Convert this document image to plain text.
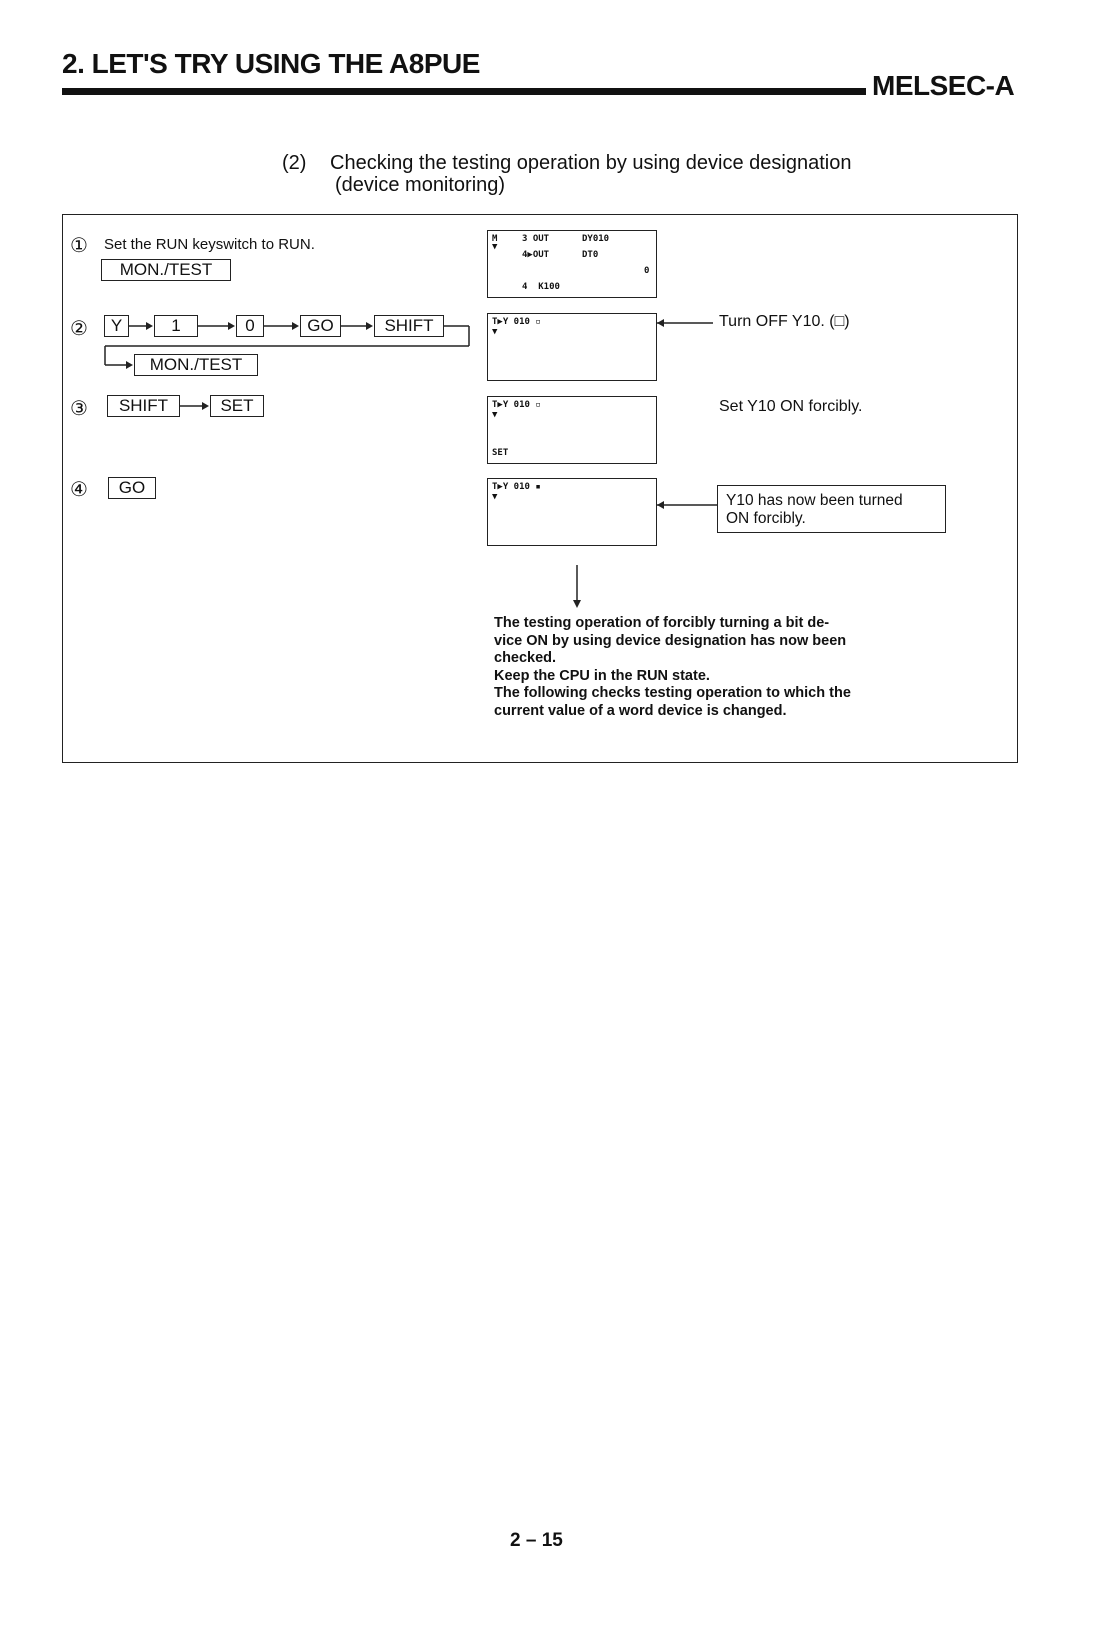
2. LET'S TRY USING THE A8PUE
MELSEC-A
(2) Checking the testing operation by using device designation
(device monitoring)
① Set the RUN keyswitch to RUN.
MON./TEST
②	Y	1	0	GO	SHIFT
MON./TEST
③	SHIFT	SET
④	GO
M
▼
3 OUT	DY010
4▶OUT	DT0
0
4  K100
T▶Y 010 ▫
▼
T▶Y 010 ▫
▼
SET
T▶Y 010 ▪
▼
Turn OFF Y10. (□)
Set Y10 ON forcibly.
Y10 has now been turned
ON forcibly.
The testing operation of forcibly turning a bit de-
vice ON by using device designation has now been
checked.
Keep the CPU in the RUN state.
The following checks testing operation to which the
current value of a word device is changed.
2 – 15
